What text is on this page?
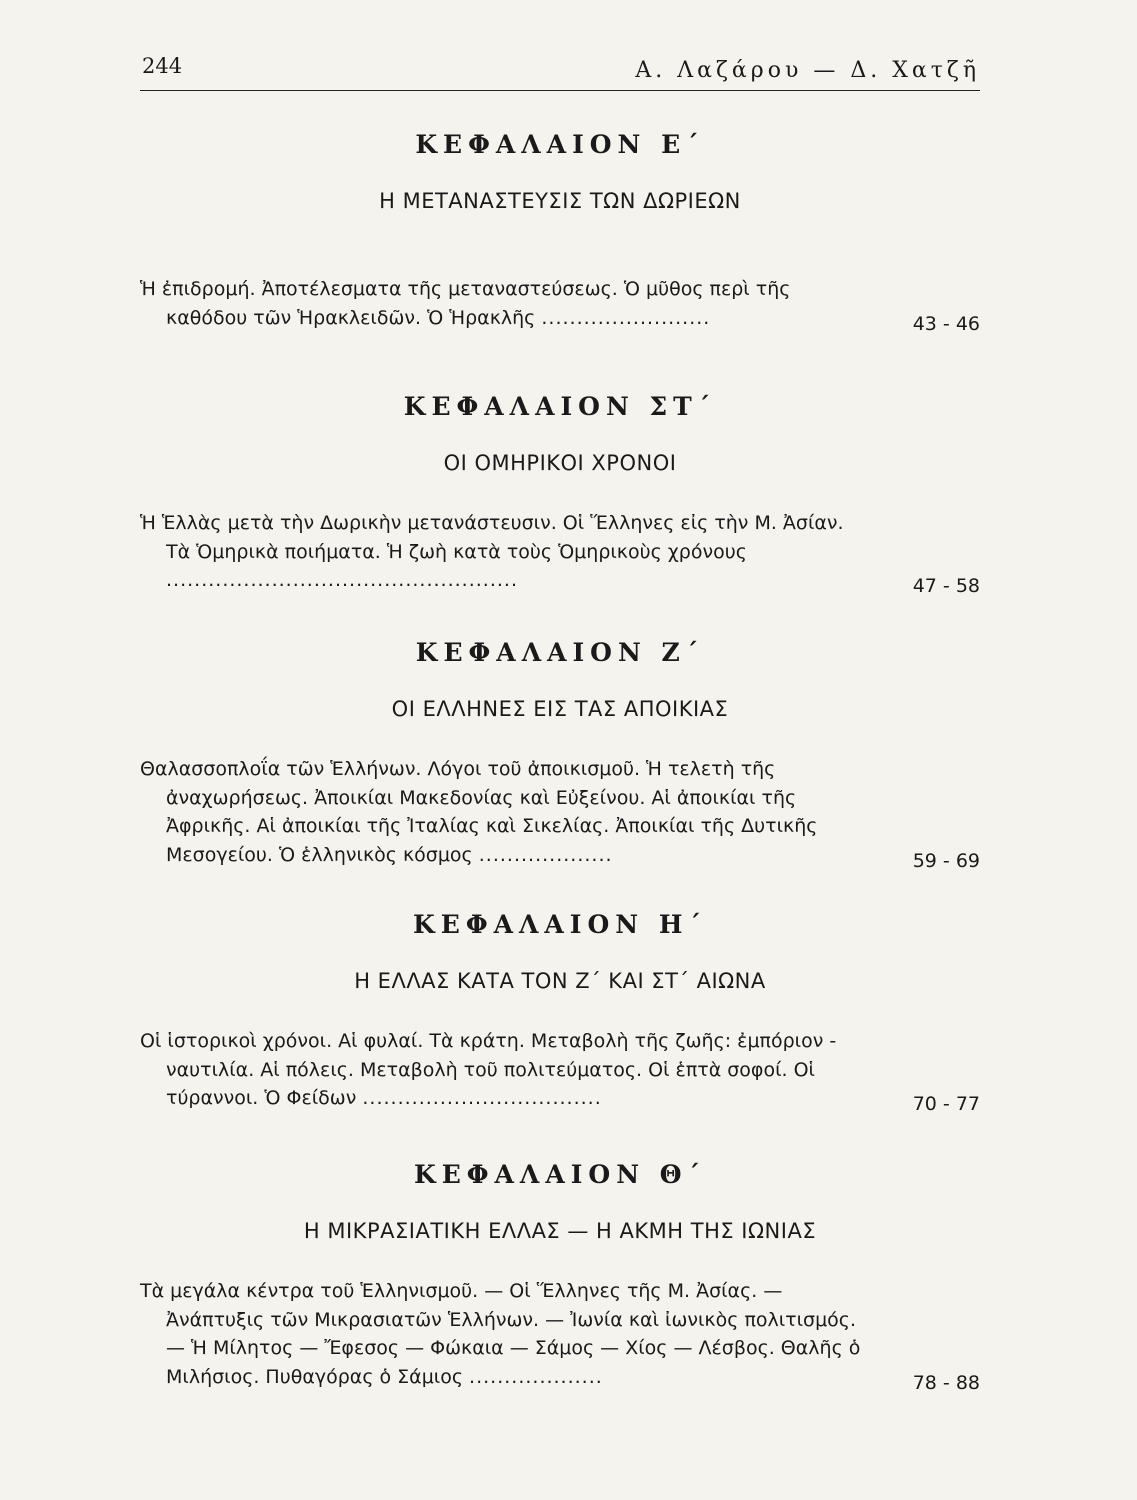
244	Α. Λαζάρου — Δ. Χατζῆ
ΚΕΦΑΛΑΙΟΝ Ε΄
Η ΜΕΤΑΝΑΣΤΕΥΣΙΣ ΤΩΝ ΔΩΡΙΕΩΝ
Ἡ ἐπιδρομή. Ἀποτέλεσματα τῆς μεταναστεύσεως. Ὁ μῦθος περὶ τῆς καθόδου τῶν Ἡρακλειδῶν. Ὁ Ἡρακλῆς ........................	43 - 46
ΚΕΦΑΛΑΙΟΝ ΣΤ΄
ΟΙ ΟΜΗΡΙΚΟΙ ΧΡΟΝΟΙ
Ἡ Ἑλλὰς μετὰ τὴν Δωρικὴν μετανάστευσιν. Οἱ Ἕλληνες εἰς τὴν Μ. Ἀσίαν. Τὰ Ὁμηρικὰ ποιήματα. Ἡ ζωὴ κατὰ τοὺς Ὁμηρικοὺς χρόνους ..................................................	47 - 58
ΚΕΦΑΛΑΙΟΝ Ζ΄
ΟΙ ΕΛΛΗΝΕΣ ΕΙΣ ΤΑΣ ΑΠΟΙΚΙΑΣ
Θαλασσοπλοΐα τῶν Ἑλλήνων. Λόγοι τοῦ ἀποικισμοῦ. Ἡ τελετὴ τῆς ἀναχωρήσεως. Ἀποικίαι Μακεδονίας καὶ Εὐξείνου. Αἱ ἀποικίαι τῆς Ἀφρικῆς. Αἱ ἀποικίαι τῆς Ἰταλίας καὶ Σικελίας. Ἀποικίαι τῆς Δυτικῆς Μεσογείου. Ὁ ἑλληνικὸς κόσμος ...................	59 - 69
ΚΕΦΑΛΑΙΟΝ Η΄
Η ΕΛΛΑΣ ΚΑΤΑ ΤΟΝ Ζ΄ ΚΑΙ ΣΤ΄ ΑΙΩΝΑ
Οἱ ἱστορικοὶ χρόνοι. Αἱ φυλαί. Τὰ κράτη. Μεταβολὴ τῆς ζωῆς: ἐμπόριον - ναυτιλία. Αἱ πόλεις. Μεταβολὴ τοῦ πολιτεύματος. Οἱ ἑπτὰ σοφοί. Οἱ τύραννοι. Ὁ Φείδων ..................................	70 - 77
ΚΕΦΑΛΑΙΟΝ Θ΄
Η ΜΙΚΡΑΣΙΑΤΙΚΗ ΕΛΛΑΣ — Η ΑΚΜΗ ΤΗΣ ΙΩΝΙΑΣ
Τὰ μεγάλα κέντρα τοῦ Ἑλληνισμοῦ. — Οἱ Ἕλληνες τῆς Μ. Ἀσίας. — Ἀνάπτυξις τῶν Μικρασιατῶν Ἑλλήνων. — Ἰωνία καὶ ἰωνικὸς πολιτισμός. — Ἡ Μίλητος — Ἔφεσος — Φώκαια — Σάμος — Χίος — Λέσβος. Θαλῆς ὁ Μιλήσιος. Πυθαγόρας ὁ Σάμιος ...................	78 - 88
